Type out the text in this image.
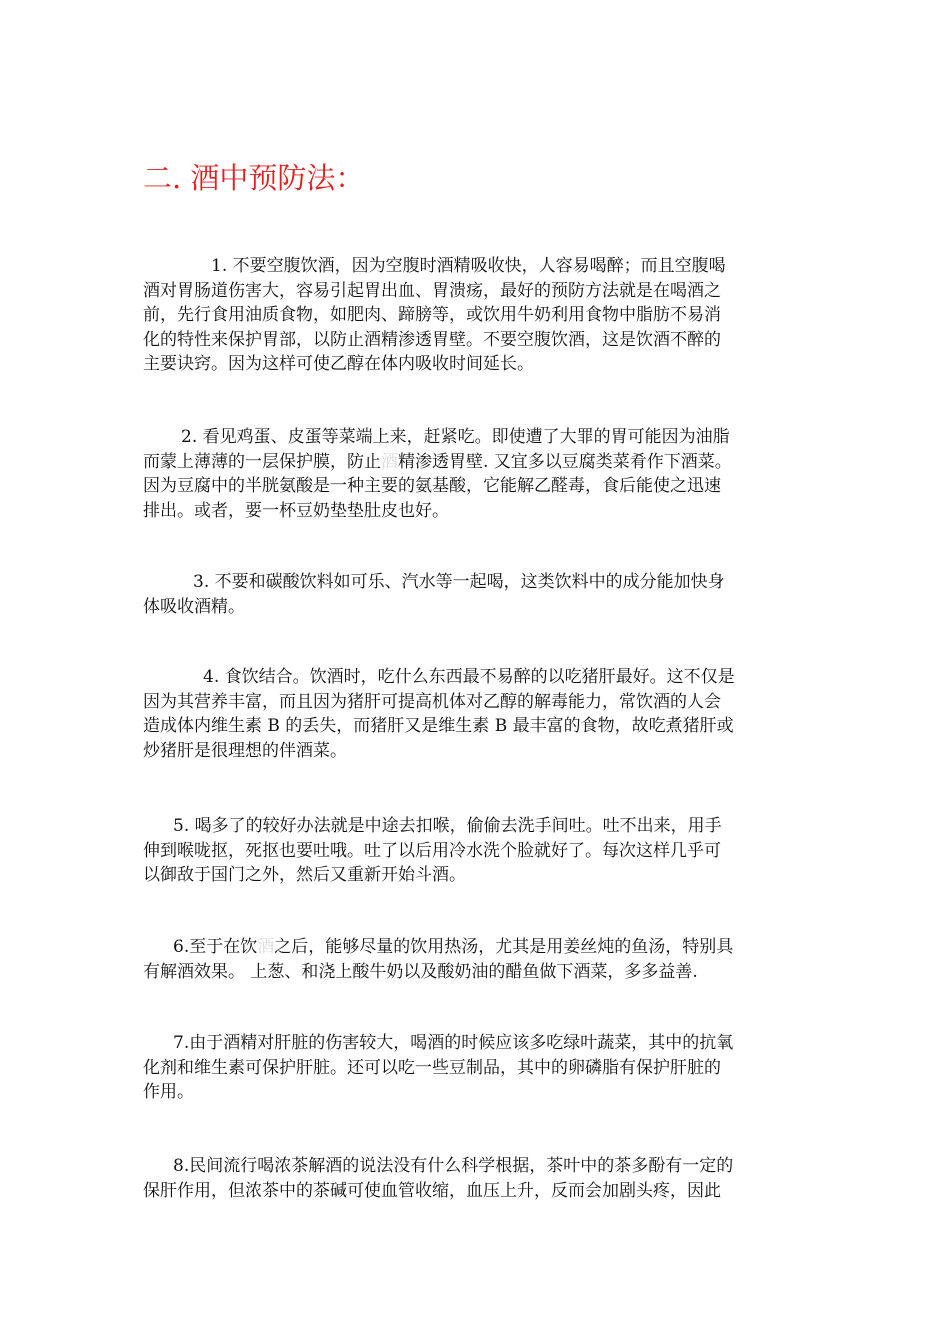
二. 酒中预防法：
1. 不要空腹饮酒，因为空腹时酒精吸收快，人容易喝醉；而且空腹喝
酒对胃肠道伤害大，容易引起胃出血、胃溃疡，最好的预防方法就是在喝酒之
前，先行食用油质食物，如肥肉、蹄膀等，或饮用牛奶利用食物中脂肪不易消
化的特性来保护胃部，以防止酒精渗透胃壁。不要空腹饮酒，这是饮酒不醉的
主要诀窍。因为这样可使乙醇在体内吸收时间延长。
2. 看见鸡蛋、皮蛋等菜端上来，赶紧吃。即使遭了大罪的胃可能因为油脂
而蒙上薄薄的一层保护膜，防止酒精渗透胃壁. 又宜多以豆腐类菜肴作下酒菜。
因为豆腐中的半胱氨酸是一种主要的氨基酸，它能解乙醛毒，食后能使之迅速
排出。或者，要一杯豆奶垫垫肚皮也好。
3. 不要和碳酸饮料如可乐、汽水等一起喝，这类饮料中的成分能加快身
体吸收酒精。
4. 食饮结合。饮酒时，吃什么东西最不易醉的以吃猪肝最好。这不仅是
因为其营养丰富，而且因为猪肝可提高机体对乙醇的解毒能力，常饮酒的人会
造成体内维生素 B 的丢失，而猪肝又是维生素 B 最丰富的食物，故吃煮猪肝或
炒猪肝是很理想的伴酒菜。
5. 喝多了的较好办法就是中途去扣喉，偷偷去洗手间吐。吐不出来，用手
伸到喉咙抠，死抠也要吐哦。吐了以后用冷水洗个脸就好了。每次这样几乎可
以御敌于国门之外，然后又重新开始斗酒。
6.至于在饮酒之后，能够尽量的饮用热汤，尤其是用姜丝炖的鱼汤，特别具
有解酒效果。 上葱、和浇上酸牛奶以及酸奶油的醋鱼做下酒菜，多多益善.
7.由于酒精对肝脏的伤害较大，喝酒的时候应该多吃绿叶蔬菜，其中的抗氧
化剂和维生素可保护肝脏。还可以吃一些豆制品，其中的卵磷脂有保护肝脏的
作用。
8.民间流行喝浓茶解酒的说法没有什么科学根据，茶叶中的茶多酚有一定的
保肝作用，但浓茶中的茶碱可使血管收缩，血压上升，反而会加剧头疼，因此
